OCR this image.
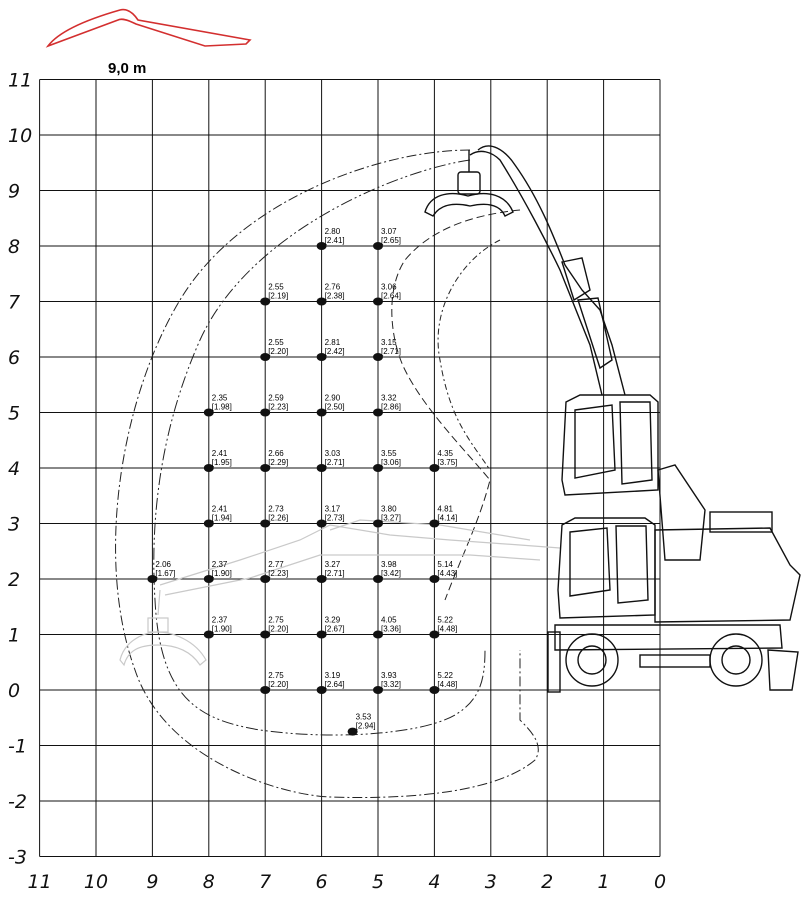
9,0 m
11
10
9
8
7
6
5
4
3
2
1
0
-1
-2
-3
11 10 9 8 7 6 5 4 3 2 1 0
2.80
[2.41]
3.07
[2.65]
2.55
[2.19]
2.76
[2.38]
3.06
[2.64]
2.55
[2.20]
2.81
[2.42]
3.15
[2.71]
2.35
[1.98]
2.59
[2.23]
2.90
[2.50]
3.32
[2.86]
2.41
[1.95]
2.66
[2.29]
3.03
[2.71]
3.55
[3.06]
4.35
[3.75]
2.41
[1.94]
2.73
[2.26]
3.17
[2.73]
3.80
[3.27]
4.81
[4.14]
2.06
[1.67]
2.37
[1.90]
2.77
[2.23]
3.27
[2.71]
3.98
[3.42]
5.14
[4.43]
2.37
[1.90]
2.75
[2.20]
3.29
[2.67]
4.05
[3.36]
5.22
[4.48]
2.75
[2.20]
3.19
[2.64]
3.93
[3.32]
5.22
[4.48]
3.53
[2.94]
